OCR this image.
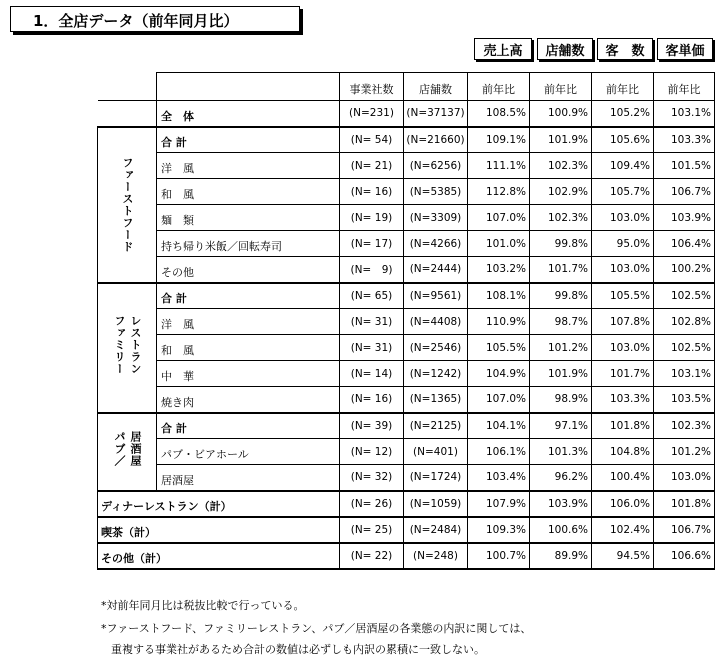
1．全店データ（前年同月比）
売上高	店舗数	客　数	客単価
		事業社数	店舗数	前年比	前年比	前年比	前年比
	全　体	(N=231)	(N=37137)	108.5%	100.9%	105.2%	103.1%

ファーストフード	合 計	(N= 54)	(N=21660)	109.1%	101.9%	105.6%	103.3%
	洋　風	(N= 21)	(N=6256)	111.1%	102.3%	109.4%	101.5%
	和　風	(N= 16)	(N=5385)	112.8%	102.9%	105.7%	106.7%
	麺　類	(N= 19)	(N=3309)	107.0%	102.3%	103.0%	103.9%
	持ち帰り米飯／回転寿司	(N= 17)	(N=4266)	101.0%	99.8%	95.0%	106.4%
	その他	(N=　9)	(N=2444)	103.2%	101.7%	103.0%	100.2%
ファミリー レストラン	合 計	(N= 65)	(N=9561)	108.1%	99.8%	105.5%	102.5%
	洋　風	(N= 31)	(N=4408)	110.9%	98.7%	107.8%	102.8%
	和　風	(N= 31)	(N=2546)	105.5%	101.2%	103.0%	102.5%
	中　華	(N= 14)	(N=1242)	104.9%	101.9%	101.7%	103.1%
	焼き肉	(N= 16)	(N=1365)	107.0%	98.9%	103.3%	103.5%
パブ／ 居酒屋	合 計	(N= 39)	(N=2125)	104.1%	97.1%	101.8%	102.3%
	パブ・ビアホール	(N= 12)	(N=401)	106.1%	101.3%	104.8%	101.2%
	居酒屋	(N= 32)	(N=1724)	103.4%	96.2%	100.4%	103.0%
ディナーレストラン（計）		(N= 26)	(N=1059)	107.9%	103.9%	106.0%	101.8%
喫茶（計）		(N= 25)	(N=2484)	109.3%	100.6%	102.4%	106.7%
その他（計）		(N= 22)	(N=248)	100.7%	89.9%	94.5%	106.6%
*対前年同月比は税抜比較で行っている。
*ファーストフード、ファミリーレストラン、パブ／居酒屋の各業態の内訳に関しては、
重複する事業社があるため合計の数値は必ずしも内訳の累積に一致しない。
